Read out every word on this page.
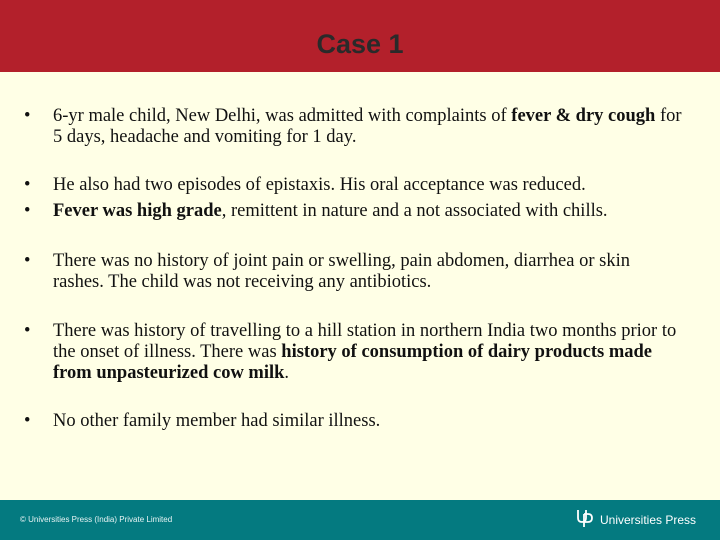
Case 1
•	6-yr male child, New Delhi, was admitted with complaints of fever & dry cough for 5 days, headache and vomiting for 1 day.
•	He also had two episodes of epistaxis. His oral acceptance was reduced.
•	Fever was high grade, remittent in nature and a not associated with chills.
•	There was no history of joint pain or swelling, pain abdomen, diarrhea or skin rashes. The child was not receiving any antibiotics.
•	There was history of travelling to a hill station in northern India two months prior to the onset of illness. There was history of consumption of dairy products made from unpasteurized cow milk.
•	No other family member had similar illness.
© Universities Press (India) Private Limited	Universities Press
